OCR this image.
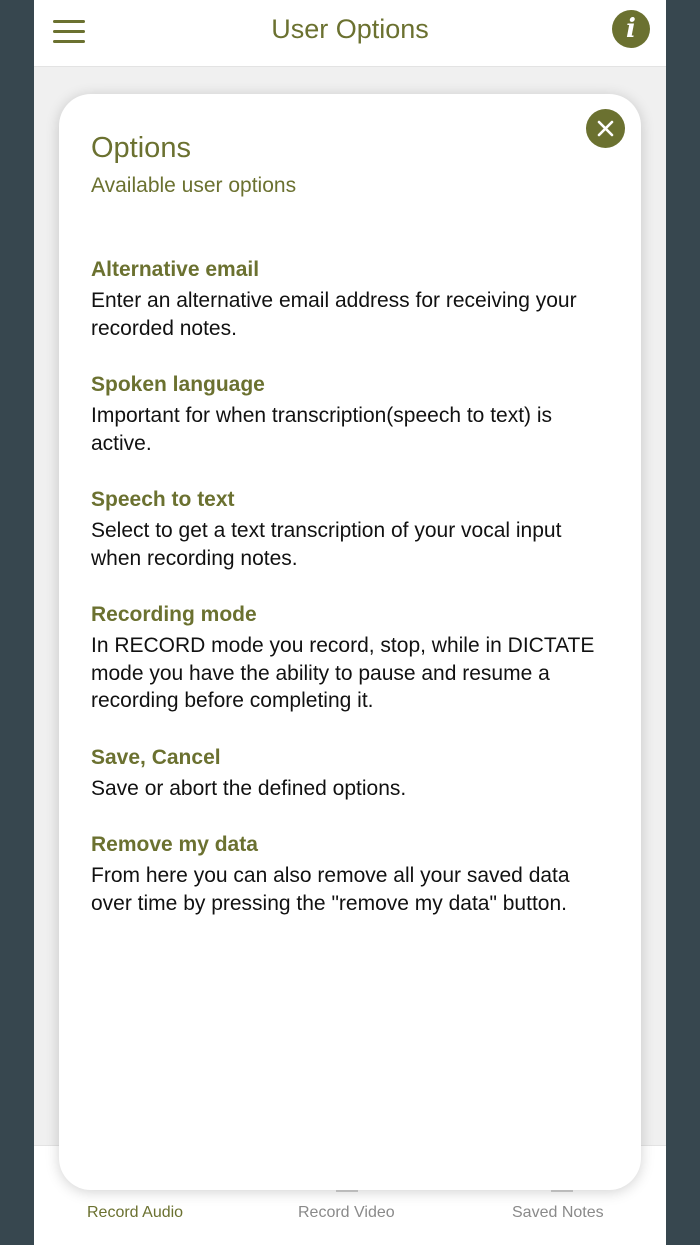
User Options	i
Record Audio	Record Video	Saved Notes
Options
Available user options
Alternative email

Enter an alternative email address for receiving your recorded notes.

Spoken language

Important for when transcription(speech to text) is active.

Speech to text

Select to get a text transcription of your vocal input when recording notes.

Recording mode

In RECORD mode you record, stop, while in DICTATE mode you have the ability to pause and resume a recording before completing it.

Save, Cancel

Save or abort the defined options.

Remove my data

From here you can also remove all your saved data over time by pressing the "remove my data" button.
